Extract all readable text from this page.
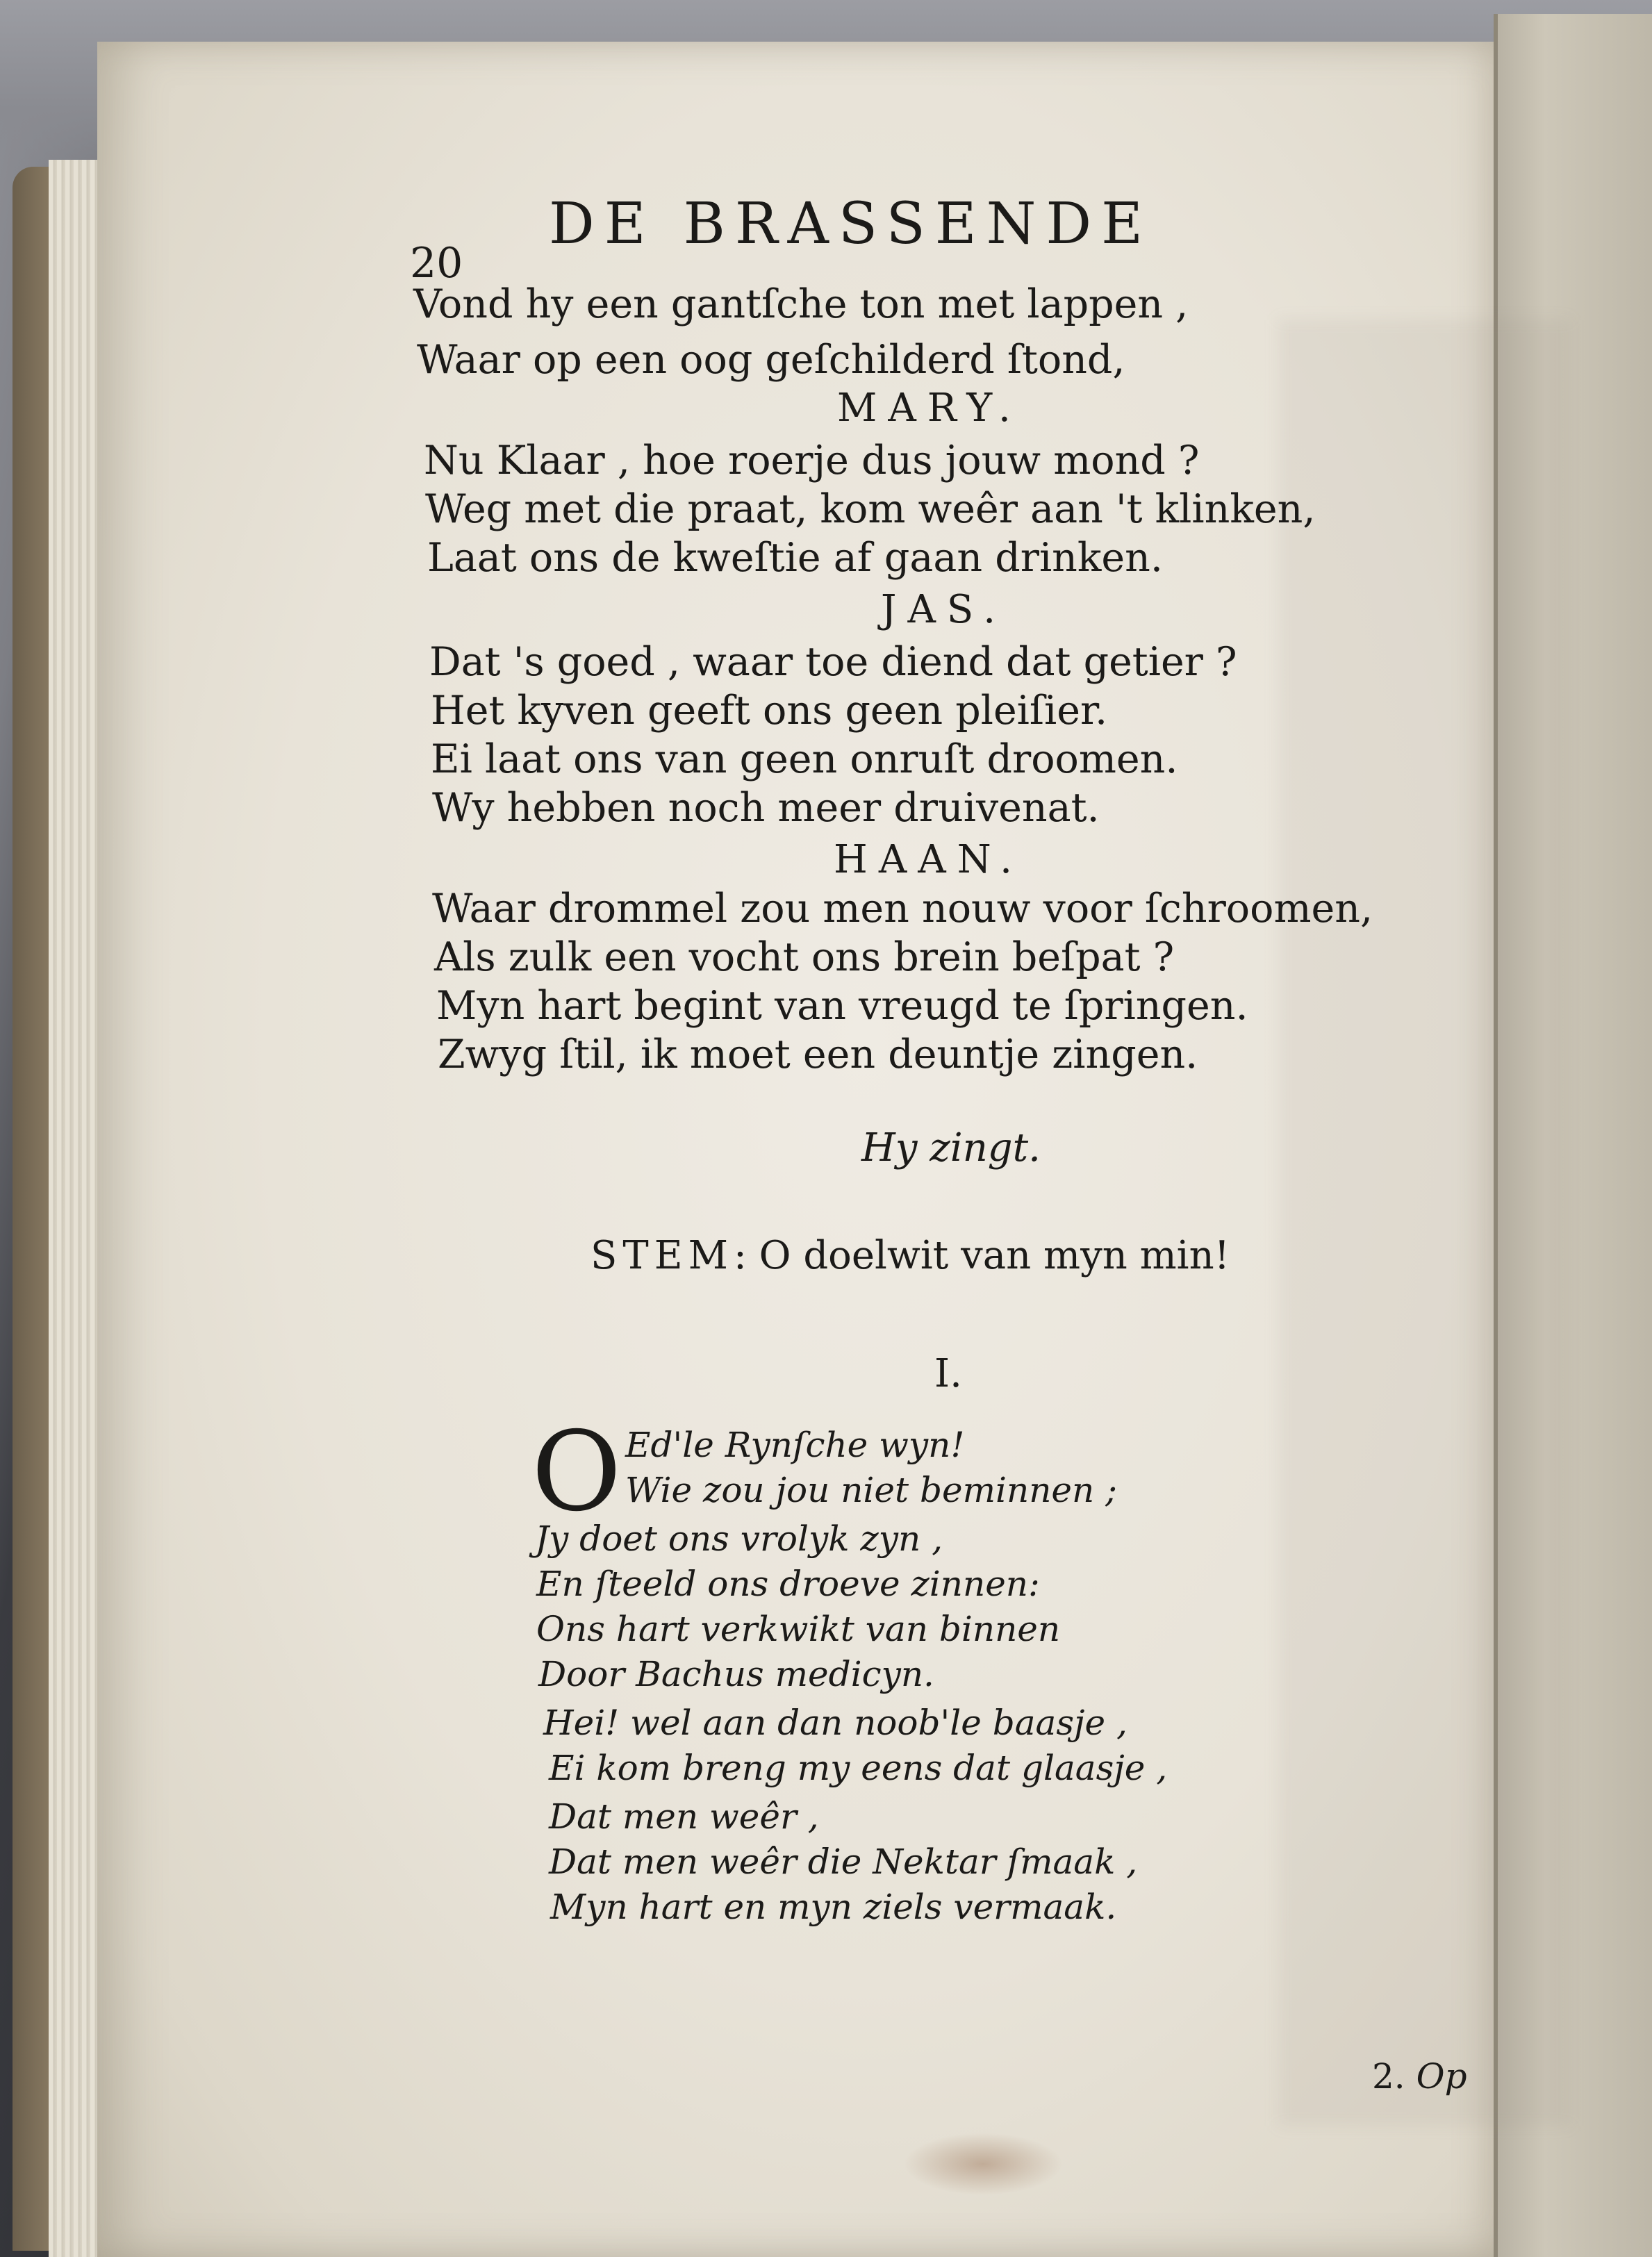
20
DE BRASSENDE
Vond hy een gantſche ton met lappen ,
Waar op een oog geſchilderd ſtond,
MARY.
Nu Klaar , hoe roerje dus jouw mond ?
Weg met die praat, kom weêr aan 't klinken,
Laat ons de kweſtie af gaan drinken.
JAS.
Dat 's goed , waar toe diend dat getier ?
Het kyven geeft ons geen pleiſier.
Ei laat ons van geen onruſt droomen.
Wy hebben noch meer druivenat.
HAAN.
Waar drommel zou men nouw voor ſchroomen,
Als zulk een vocht ons brein beſpat ?
Myn hart begint van vreugd te ſpringen.
Zwyg ſtil, ik moet een deuntje zingen.
Hy zingt.
STEM: O doelwit van myn min!
I.
O Ed'le Rynſche wyn!
Wie zou jou niet beminnen ;
Jy doet ons vrolyk zyn ,
En ſteeld ons droeve zinnen:
Ons hart verkwikt van binnen
Door Bachus medicyn.
Hei! wel aan dan noob'le baasje ,
Ei kom breng my eens dat glaasje ,
Dat men weêr ,
Dat men weêr die Nektar ſmaak ,
Myn hart en myn ziels vermaak.
2. Op
